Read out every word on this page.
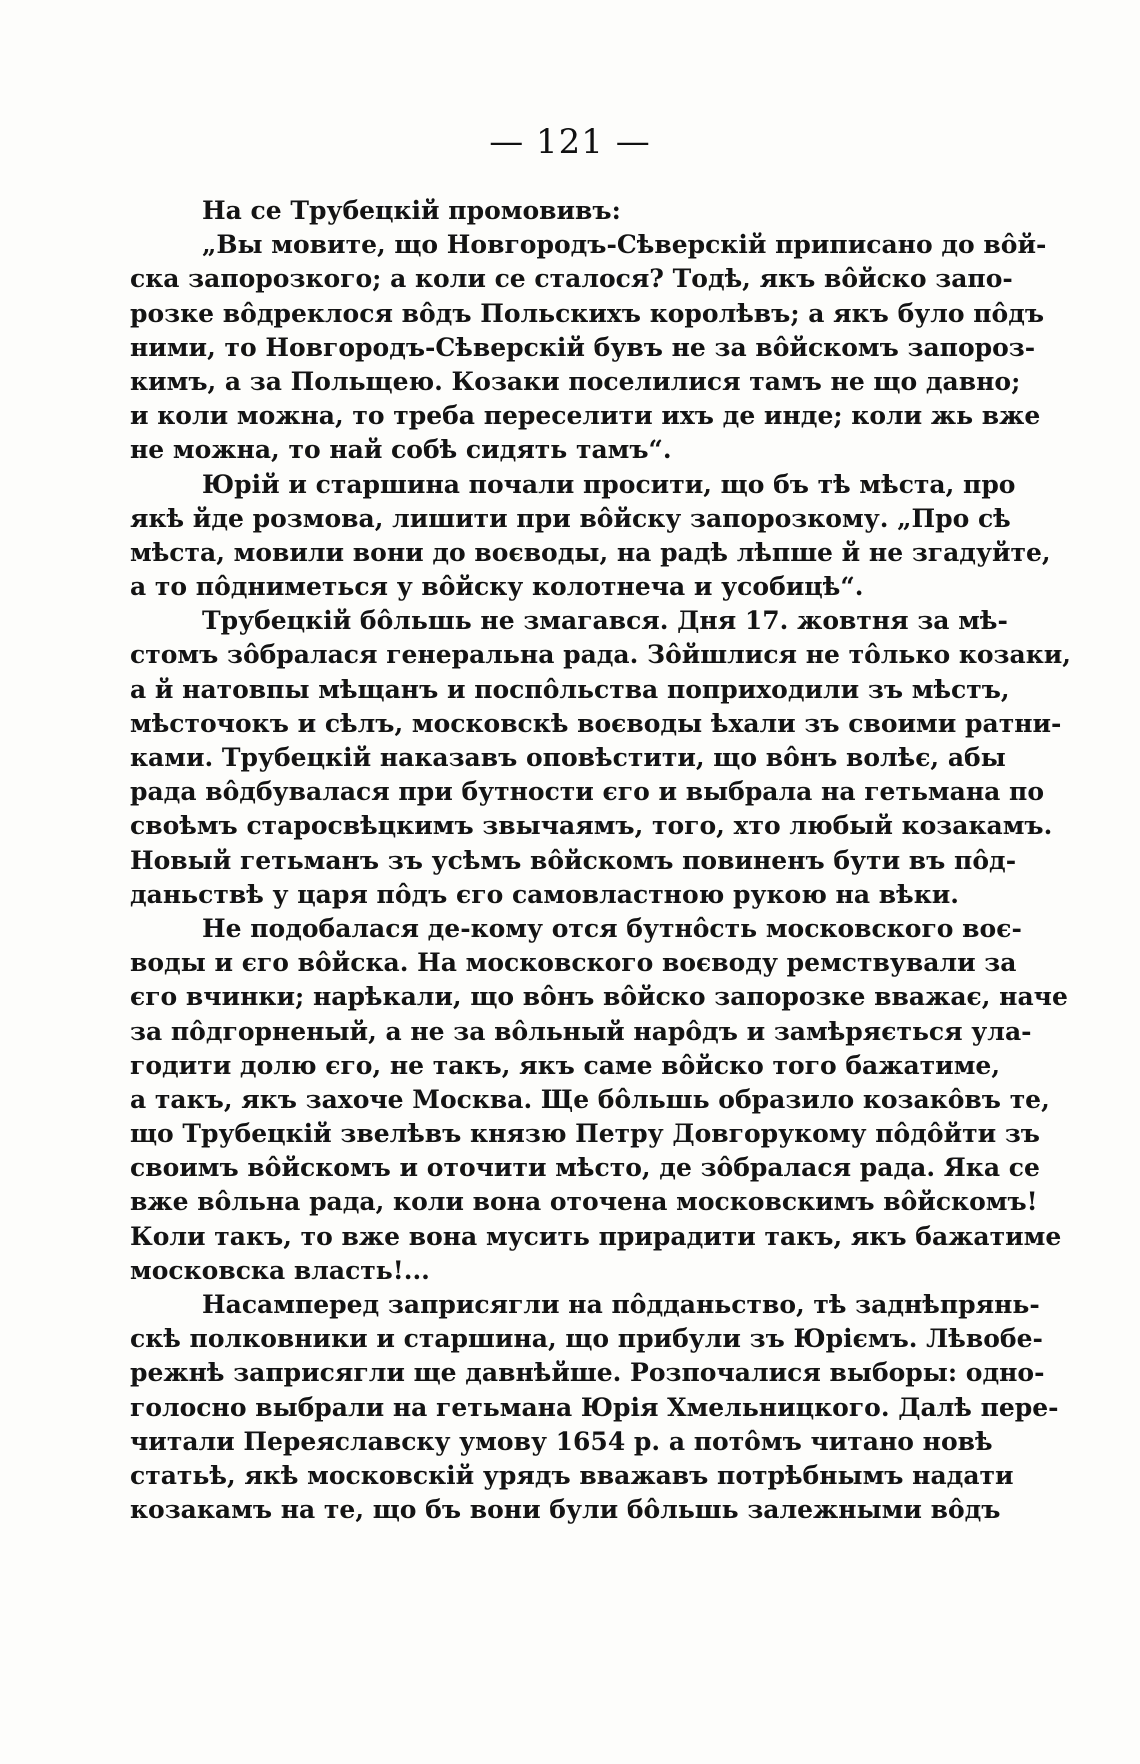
— 121 —
На се Трубецкій промовивъ:
„Вы мовите, що Новгородъ-Сѣверскій приписано до вôй-
ска запорозкого; а коли се сталося? Тодѣ, якъ вôйско запо-
розке вôдреклося вôдъ Польскихъ королѣвъ; а якъ було пôдъ
ними, то Новгородъ-Сѣверскій бувъ не за вôйскомъ запороз-
кимъ, а за Польщею. Козаки поселилися тамъ не що давно;
и коли можна, то треба переселити ихъ де инде; коли жь вже
не можна, то най собѣ сидять тамъ“.
Юрій и старшина почали просити, що бъ тѣ мѣста, про
якѣ йде розмова, лишити при вôйску запорозкому. „Про сѣ
мѣста, мовили вони до воєводы, на радѣ лѣпше й не згадуйте,
а то пôдниметься у вôйску колотнеча и усобицѣ“.
Трубецкій бôльшь не змагався. Дня 17. жовтня за мѣ-
стомъ зôбралася генеральна рада. Зôйшлися не тôлько козаки,
а й натовпы мѣщанъ и поспôльства поприходили зъ мѣстъ,
мѣсточокъ и сѣлъ, московскѣ воєводы ѣхали зъ своими ратни-
ками. Трубецкій наказавъ оповѣстити, що вôнъ волѣє, абы
рада вôдбувалася при бутности єго и выбрала на гетьмана по
своѣмъ старосвѣцкимъ звычаямъ, того, хто любый козакамъ.
Новый гетьманъ зъ усѣмъ вôйскомъ повиненъ бути въ пôд-
даньствѣ у царя пôдъ єго самовластною рукою на вѣки.
Не подобалася де-кому отся бутнôсть московского воє-
воды и єго вôйска. На московского воєводу ремствували за
єго вчинки; нарѣкали, що вôнъ вôйско запорозке вважає, наче
за пôдгорненый, а не за вôльный нарôдъ и замѣряється ула-
годити долю єго, не такъ, якъ саме вôйско того бажатиме,
а такъ, якъ захоче Москва. Ще бôльшь образило козакôвъ те,
що Трубецкій звелѣвъ князю Петру Довгорукому пôдôйти зъ
своимъ вôйскомъ и оточити мѣсто, де зôбралася рада. Яка се
вже вôльна рада, коли вона оточена московскимъ вôйскомъ!
Коли такъ, то вже вона мусить прирадити такъ, якъ бажатиме
московска власть!...
Насамперед заприсягли на пôдданьство, тѣ заднѣпрянь-
скѣ полковники и старшина, що прибули зъ Юріємъ. Лѣвобе-
режнѣ заприсягли ще давнѣйше. Розпочалися выборы: одно-
голосно выбрали на гетьмана Юрія Хмельницкого. Далѣ пере-
читали Переяславску умову 1654 р. а потôмъ читано новѣ
статьѣ, якѣ московскій урядъ вважавъ потрѣбнымъ надати
козакамъ на те, що бъ вони були бôльшь залежными вôдъ
